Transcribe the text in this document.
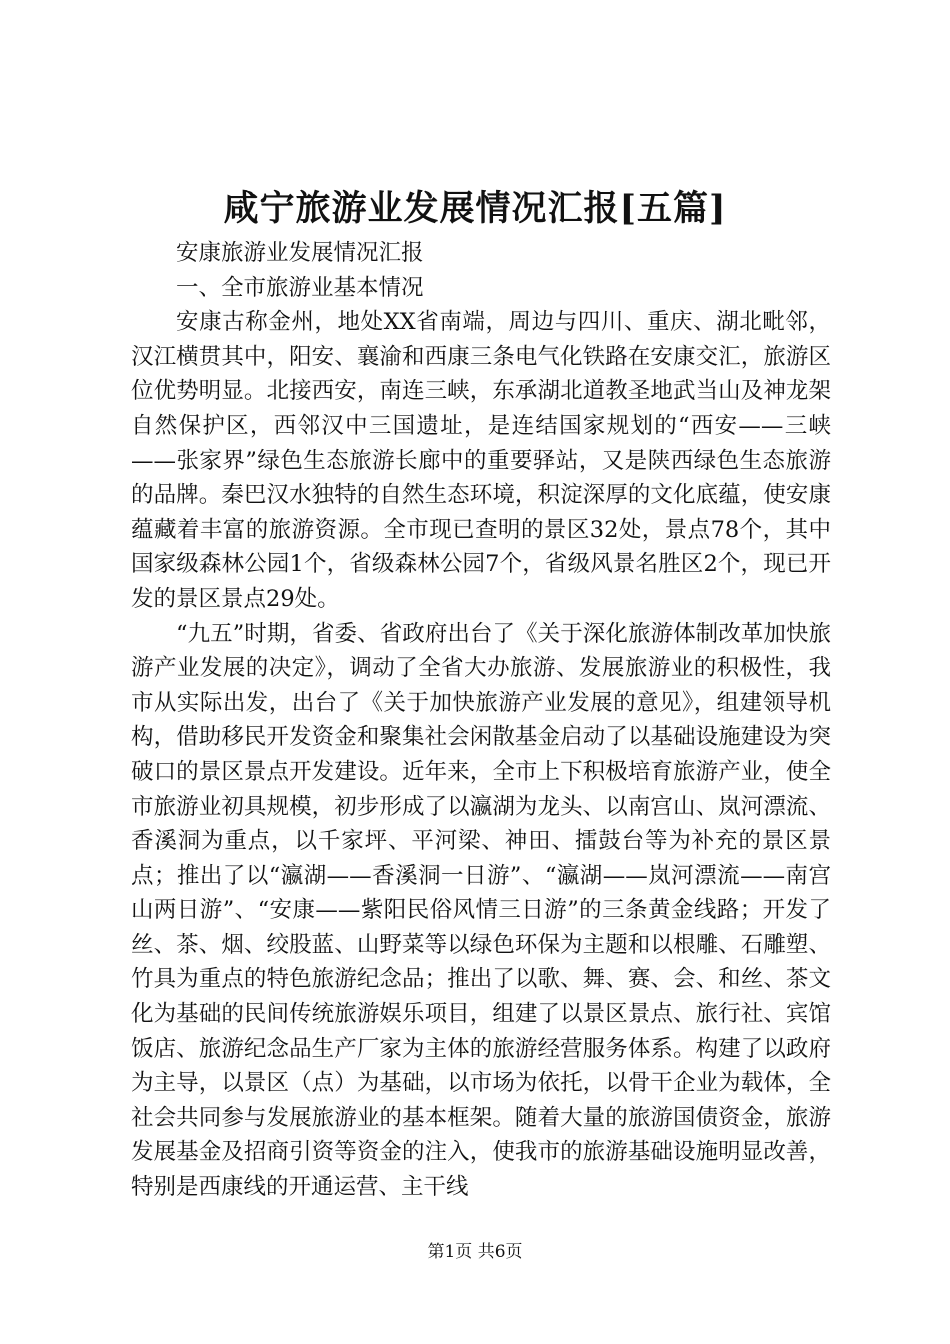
咸宁旅游业发展情况汇报[五篇]

安康旅游业发展情况汇报

一、全市旅游业基本情况

安康古称金州，地处XX省南端，周边与四川、重庆、湖北毗邻，汉江横贯其中，阳安、襄渝和西康三条电气化铁路在安康交汇，旅游区位优势明显。北接西安，南连三峡，东承湖北道教圣地武当山及神龙架自然保护区，西邻汉中三国遗址，是连结国家规划的“西安——三峡——张家界”绿色生态旅游长廊中的重要驿站，又是陕西绿色生态旅游的品牌。秦巴汉水独特的自然生态环境，积淀深厚的文化底蕴，使安康蕴藏着丰富的旅游资源。全市现已查明的景区32处，景点78个，其中国家级森林公园1个，省级森林公园7个，省级风景名胜区2个，现已开发的景区景点29处。

“九五”时期，省委、省政府出台了《关于深化旅游体制改革加快旅游产业发展的决定》，调动了全省大办旅游、发展旅游业的积极性，我市从实际出发，出台了《关于加快旅游产业发展的意见》，组建领导机构，借助移民开发资金和聚集社会闲散基金启动了以基础设施建设为突破口的景区景点开发建设。近年来，全市上下积极培育旅游产业，使全市旅游业初具规模，初步形成了以瀛湖为龙头、以南宫山、岚河漂流、香溪洞为重点，以千家坪、平河梁、神田、擂鼓台等为补充的景区景点；推出了以“瀛湖——香溪洞一日游”、“瀛湖——岚河漂流——南宫山两日游”、“安康——紫阳民俗风情三日游”的三条黄金线路；开发了丝、茶、烟、绞股蓝、山野菜等以绿色环保为主题和以根雕、石雕塑、竹具为重点的特色旅游纪念品；推出了以歌、舞、赛、会、和丝、茶文化为基础的民间传统旅游娱乐项目，组建了以景区景点、旅行社、宾馆饭店、旅游纪念品生产厂家为主体的旅游经营服务体系。构建了以政府为主导，以景区（点）为基础，以市场为依托，以骨干企业为载体，全社会共同参与发展旅游业的基本框架。随着大量的旅游国债资金，旅游发展基金及招商引资等资金的注入，使我市的旅游基础设施明显改善，特别是西康线的开通运营、主干线

第1页 共6页
